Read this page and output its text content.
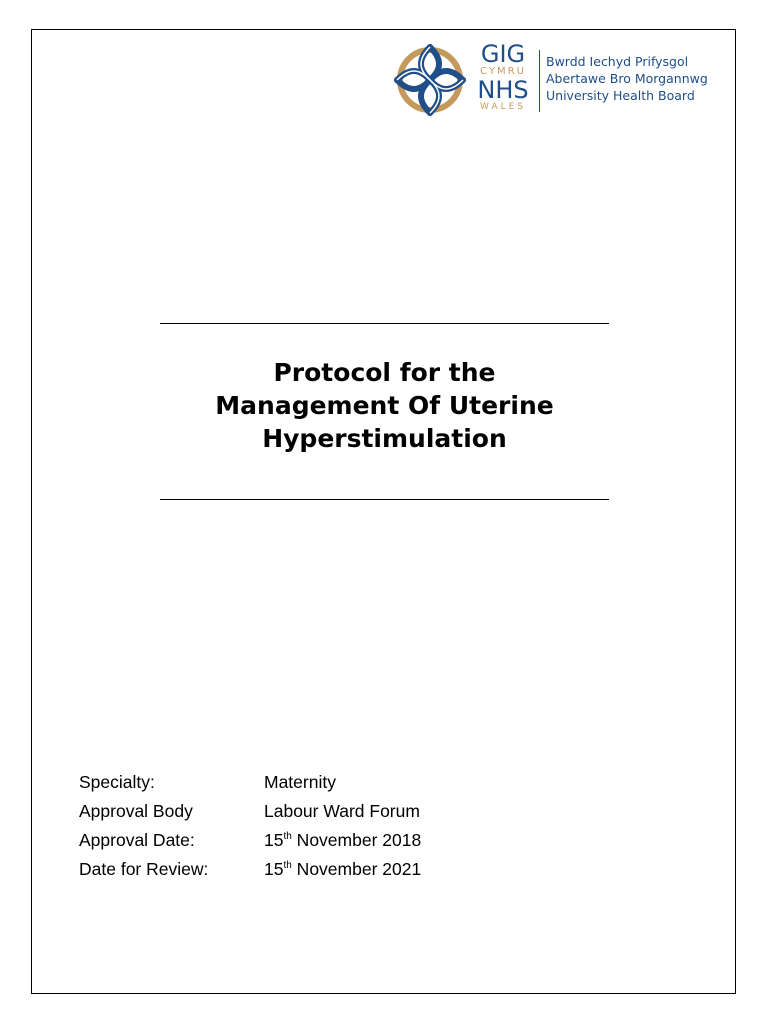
GIG
CYMRU
NHS
WALES
Bwrdd Iechyd Prifysgol
Abertawe Bro Morgannwg
University Health Board
Protocol for the
Management Of Uterine
Hyperstimulation
Specialty:	Maternity
Approval Body	Labour Ward Forum
Approval Date:	15th November 2018
Date for Review:	15th November 2021
